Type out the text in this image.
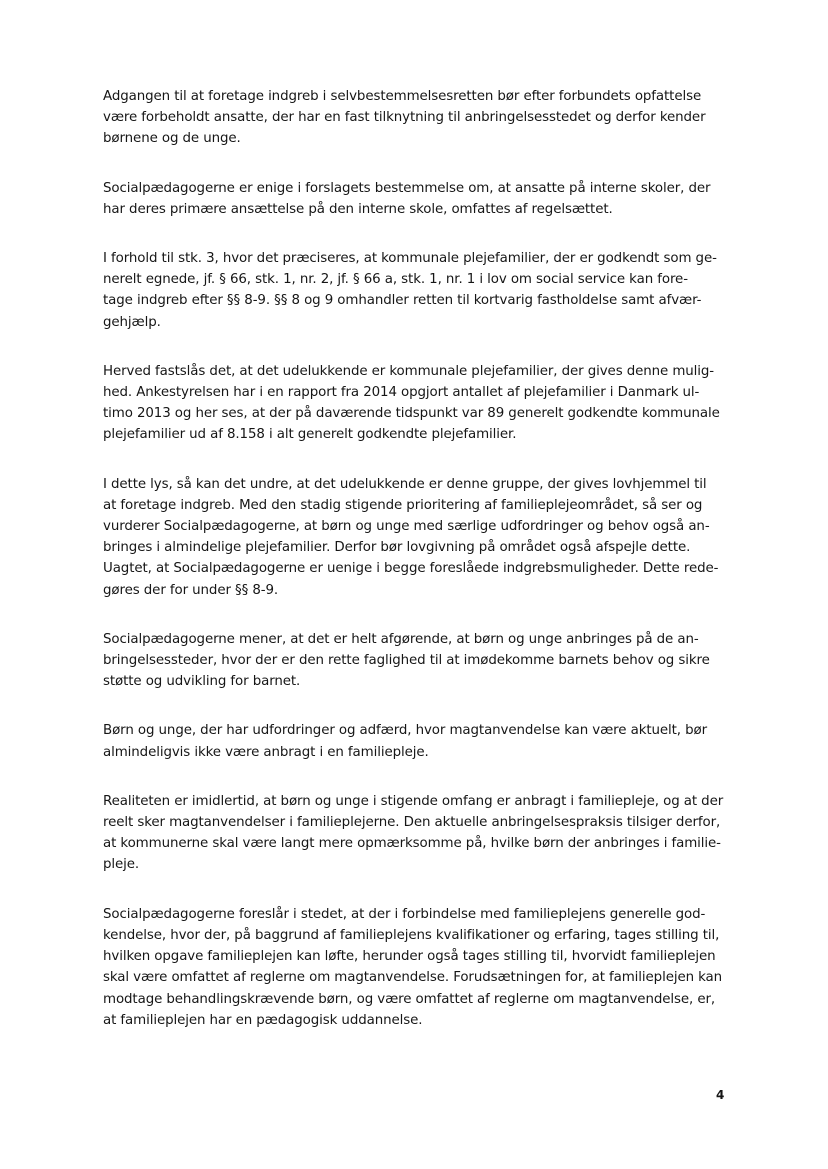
Adgangen til at foretage indgreb i selvbestemmelsesretten bør efter forbundets opfattelse
være forbeholdt ansatte, der har en fast tilknytning til anbringelsesstedet og derfor kender
børnene og de unge.

Socialpædagogerne er enige i forslagets bestemmelse om, at ansatte på interne skoler, der
har deres primære ansættelse på den interne skole, omfattes af regelsættet.

I forhold til stk. 3, hvor det præciseres, at kommunale plejefamilier, der er godkendt som ge-
nerelt egnede, jf. § 66, stk. 1, nr. 2, jf. § 66 a, stk. 1, nr. 1 i lov om social service kan fore-
tage indgreb efter §§ 8-9. §§ 8 og 9 omhandler retten til kortvarig fastholdelse samt afvær-
gehjælp.

Herved fastslås det, at det udelukkende er kommunale plejefamilier, der gives denne mulig-
hed. Ankestyrelsen har i en rapport fra 2014 opgjort antallet af plejefamilier i Danmark ul-
timo 2013 og her ses, at der på daværende tidspunkt var 89 generelt godkendte kommunale
plejefamilier ud af 8.158 i alt generelt godkendte plejefamilier.

I dette lys, så kan det undre, at det udelukkende er denne gruppe, der gives lovhjemmel til
at foretage indgreb. Med den stadig stigende prioritering af familieplejeområdet, så ser og
vurderer Socialpædagogerne, at børn og unge med særlige udfordringer og behov også an-
bringes i almindelige plejefamilier. Derfor bør lovgivning på området også afspejle dette.
Uagtet, at Socialpædagogerne er uenige i begge foreslåede indgrebsmuligheder. Dette rede-
gøres der for under §§ 8-9.

Socialpædagogerne mener, at det er helt afgørende, at børn og unge anbringes på de an-
bringelsessteder, hvor der er den rette faglighed til at imødekomme barnets behov og sikre
støtte og udvikling for barnet.

Børn og unge, der har udfordringer og adfærd, hvor magtanvendelse kan være aktuelt, bør
almindeligvis ikke være anbragt i en familiepleje.

Realiteten er imidlertid, at børn og unge i stigende omfang er anbragt i familiepleje, og at der
reelt sker magtanvendelser i familieplejerne. Den aktuelle anbringelsespraksis tilsiger derfor,
at kommunerne skal være langt mere opmærksomme på, hvilke børn der anbringes i familie-
pleje.

Socialpædagogerne foreslår i stedet, at der i forbindelse med familieplejens generelle god-
kendelse, hvor der, på baggrund af familieplejens kvalifikationer og erfaring, tages stilling til,
hvilken opgave familieplejen kan løfte, herunder også tages stilling til, hvorvidt familieplejen
skal være omfattet af reglerne om magtanvendelse. Forudsætningen for, at familieplejen kan
modtage behandlingskrævende børn, og være omfattet af reglerne om magtanvendelse, er,
at familieplejen har en pædagogisk uddannelse.

4
